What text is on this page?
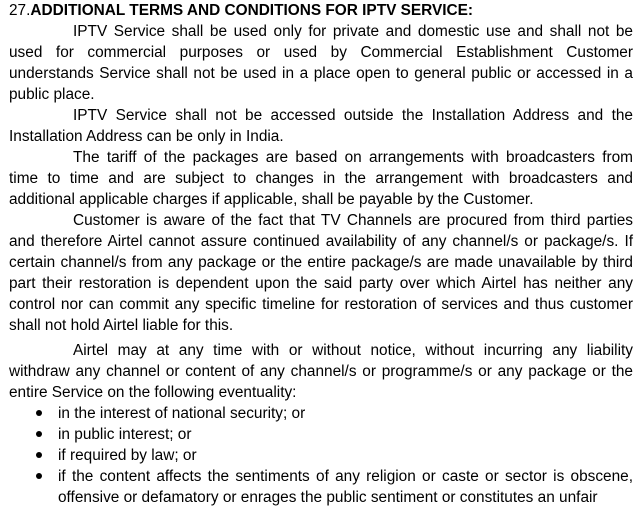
27.ADDITIONAL TERMS AND CONDITIONS FOR IPTV SERVICE:
IPTV Service shall be used only for private and domestic use and shall not be used for commercial purposes or used by Commercial Establishment Customer understands Service shall not be used in a place open to general public or accessed in a public place.
IPTV Service shall not be accessed outside the Installation Address and the Installation Address can be only in India.
The tariff of the packages are based on arrangements with broadcasters from time to time and are subject to changes in the arrangement with broadcasters and additional applicable charges if applicable, shall be payable by the Customer.
Customer is aware of the fact that TV Channels are procured from third parties and therefore Airtel cannot assure continued availability of any channel/s or package/s. If certain channel/s from any package or the entire package/s are made unavailable by third part their restoration is dependent upon the said party over which Airtel has neither any control nor can commit any specific timeline for restoration of services and thus customer shall not hold Airtel liable for this.
Airtel may at any time with or without notice, without incurring any liability withdraw any channel or content of any channel/s or programme/s or any package or the entire Service on the following eventuality:
in the interest of national security; or
in public interest; or
if required by law; or
if the content affects the sentiments of any religion or caste or sector is obscene, offensive or defamatory or enrages the public sentiment or constitutes an unfair
